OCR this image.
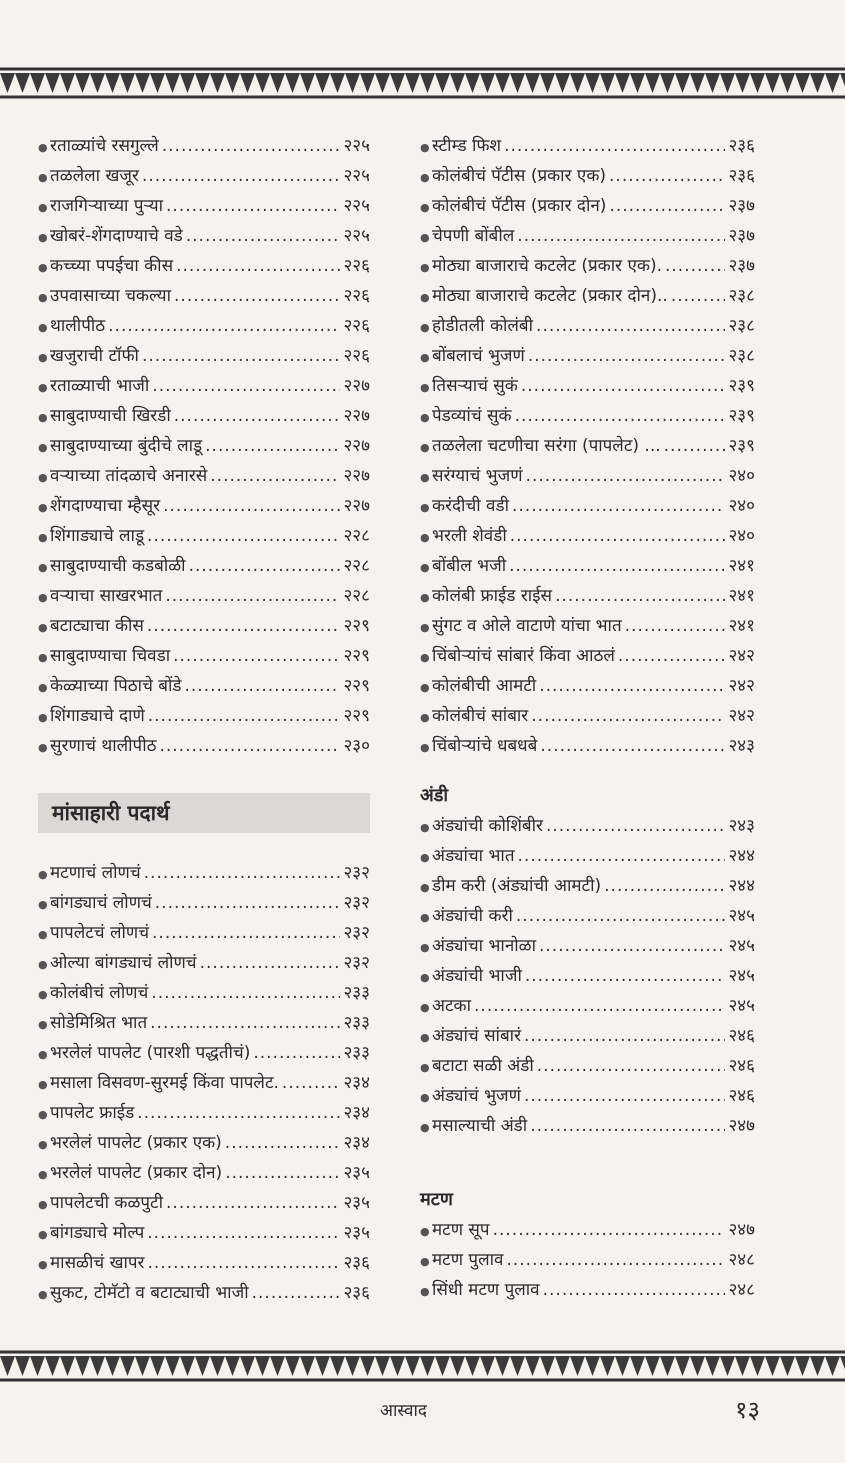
● रताळ्यांचे रसगुल्ले .....	२२५
● तळलेला खजूर .....	२२५
● राजगिऱ्याच्या पुऱ्या .....	२२५
● खोबरं-शेंगदाण्याचे वडे .....	२२५
● कच्च्या पपईचा कीस .....	२२६
● उपवासाच्या चकल्या .....	२२६
● थालीपीठ .....	२२६
● खजुराची टॉफी .....	२२६
● रताळ्याची भाजी .....	२२७
● साबुदाण्याची खिरडी .....	२२७
● साबुदाण्याच्या बुंदीचे लाडू .....	२२७
● वऱ्याच्या तांदळाचे अनारसे .....	२२७
● शेंगदाण्याचा म्हैसूर .....	२२७
● शिंगाड्याचे लाडू .....	२२८
● साबुदाण्याची कडबोळी .....	२२८
● वऱ्याचा साखरभात .....	२२८
● बटाट्याचा कीस .....	२२९
● साबुदाण्याचा चिवडा .....	२२९
● केळ्याच्या पिठाचे बोंडे .....	२२९
● शिंगाड्याचे दाणे .....	२२९
● सुरणाचं थालीपीठ .....	२३०
मांसाहारी पदार्थ
● मटणाचं लोणचं .....	२३२
● बांगड्याचं लोणचं .....	२३२
● पापलेटचं लोणचं .....	२३२
● ओल्या बांगड्याचं लोणचं .....	२३२
● कोलंबीचं लोणचं .....	२३३
● सोडेमिश्रित भात .....	२३३
● भरलेलं पापलेट (पारशी पद्धतीचं) .....	२३३
● मसाला विसवण-सुरमई किंवा पापलेट. .....	२३४
● पापलेट फ्राईड .....	२३४
● भरलेलं पापलेट (प्रकार एक) .....	२३४
● भरलेलं पापलेट (प्रकार दोन) .....	२३५
● पापलेटची कळपुटी .....	२३५
● बांगड्याचे मोल्प .....	२३५
● मासळीचं खापर .....	२३६
● सुकट, टोमॅटो व बटाट्याची भाजी .....	२३६
● स्टीम्ड फिश .....	२३६
● कोलंबीचं पॅटीस (प्रकार एक) .....	२३६
● कोलंबीचं पॅटीस (प्रकार दोन) .....	२३७
● चेपणी बोंबील .....	२३७
● मोठ्या बाजाराचे कटलेट (प्रकार एक). .....	२३७
● मोठ्या बाजाराचे कटलेट (प्रकार दोन).. .....	२३८
● होडीतली कोलंबी .....	२३८
● बोंबलाचं भुजणं .....	२३८
● तिसऱ्याचं सुकं .....	२३९
● पेडव्यांचं सुकं .....	२३९
● तळलेला चटणीचा सरंगा (पापलेट) ... .....	२३९
● सरंग्याचं भुजणं .....	२४०
● करंदीची वडी .....	२४०
● भरली शेवंडी .....	२४०
● बोंबील भजी .....	२४१
● कोलंबी फ्राईड राईस .....	२४१
● सुंगट व ओले वाटाणे यांचा भात .....	२४१
● चिंबोऱ्यांचं सांबारं किंवा आठलं .....	२४२
● कोलंबीची आमटी .....	२४२
● कोलंबीचं सांबार .....	२४२
● चिंबोऱ्यांचे धबधबे .....	२४३
अंडी
● अंड्यांची कोशिंबीर .....	२४३
● अंड्यांचा भात .....	२४४
● डीम करी (अंड्यांची आमटी) .....	२४४
● अंड्यांची करी .....	२४५
● अंड्यांचा भानोळा .....	२४५
● अंड्यांची भाजी .....	२४५
● अटका .....	२४५
● अंड्यांचं सांबारं .....	२४६
● बटाटा सळी अंडी .....	२४६
● अंड्यांचं भुजणं .....	२४६
● मसाल्याची अंडी .....	२४७
मटण
● मटण सूप .....	२४७
● मटण पुलाव .....	२४८
● सिंधी मटण पुलाव .....	२४८
आस्वाद	१३
